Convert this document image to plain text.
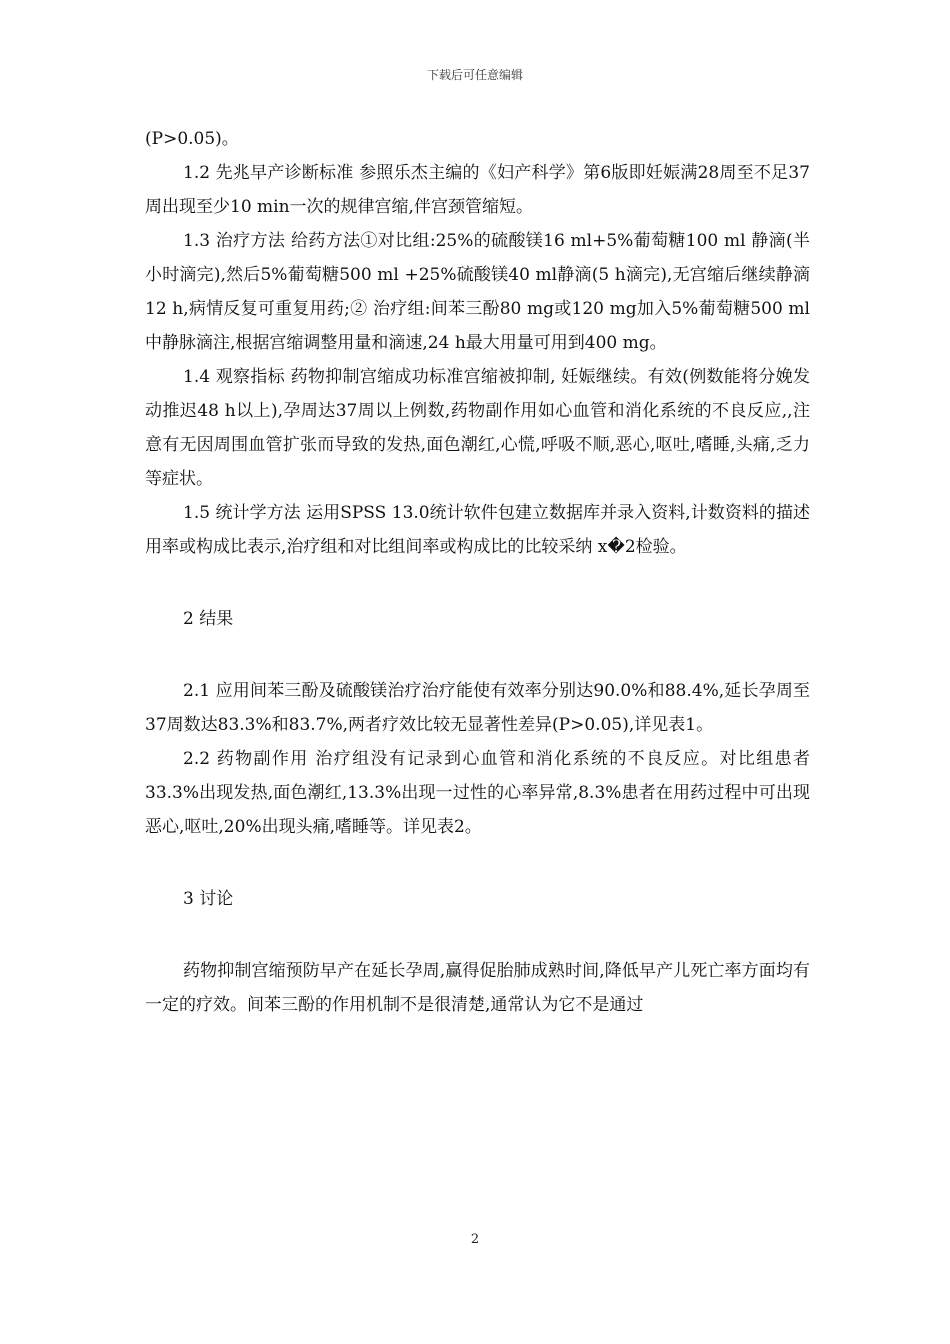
下载后可任意编辑

(P>0.05)。

1.2 先兆早产诊断标准 参照乐杰主编的《妇产科学》第6版即妊娠满28周至不足37周出现至少10 min一次的规律宫缩,伴宫颈管缩短。

1.3 治疗方法 给药方法①对比组:25%的硫酸镁16 ml+5%葡萄糖100 ml 静滴(半小时滴完),然后5%葡萄糖500 ml +25%硫酸镁40 ml静滴(5 h滴完),无宫缩后继续静滴12 h,病情反复可重复用药;② 治疗组:间苯三酚80 mg或120 mg加入5%葡萄糖500 ml中静脉滴注,根据宫缩调整用量和滴速,24 h最大用量可用到400 mg。

1.4 观察指标 药物抑制宫缩成功标准宫缩被抑制, 妊娠继续。有效(例数能将分娩发动推迟48 h以上),孕周达37周以上例数,药物副作用如心血管和消化系统的不良反应,,注意有无因周围血管扩张而导致的发热,面色潮红,心慌,呼吸不顺,恶心,呕吐,嗜睡,头痛,乏力等症状。

1.5 统计学方法 运用SPSS 13.0统计软件包建立数据库并录入资料,计数资料的描述用率或构成比表示,治疗组和对比组间率或构成比的比较采纳 x�2检验。

2 结果

2.1 应用间苯三酚及硫酸镁治疗治疗能使有效率分别达90.0%和88.4%,延长孕周至37周数达83.3%和83.7%,两者疗效比较无显著性差异(P>0.05),详见表1。

2.2 药物副作用 治疗组没有记录到心血管和消化系统的不良反应。对比组患者33.3%出现发热,面色潮红,13.3%出现一过性的心率异常,8.3%患者在用药过程中可出现恶心,呕吐,20%出现头痛,嗜睡等。详见表2。

3 讨论

药物抑制宫缩预防早产在延长孕周,赢得促胎肺成熟时间,降低早产儿死亡率方面均有一定的疗效。间苯三酚的作用机制不是很清楚,通常认为它不是通过

2
